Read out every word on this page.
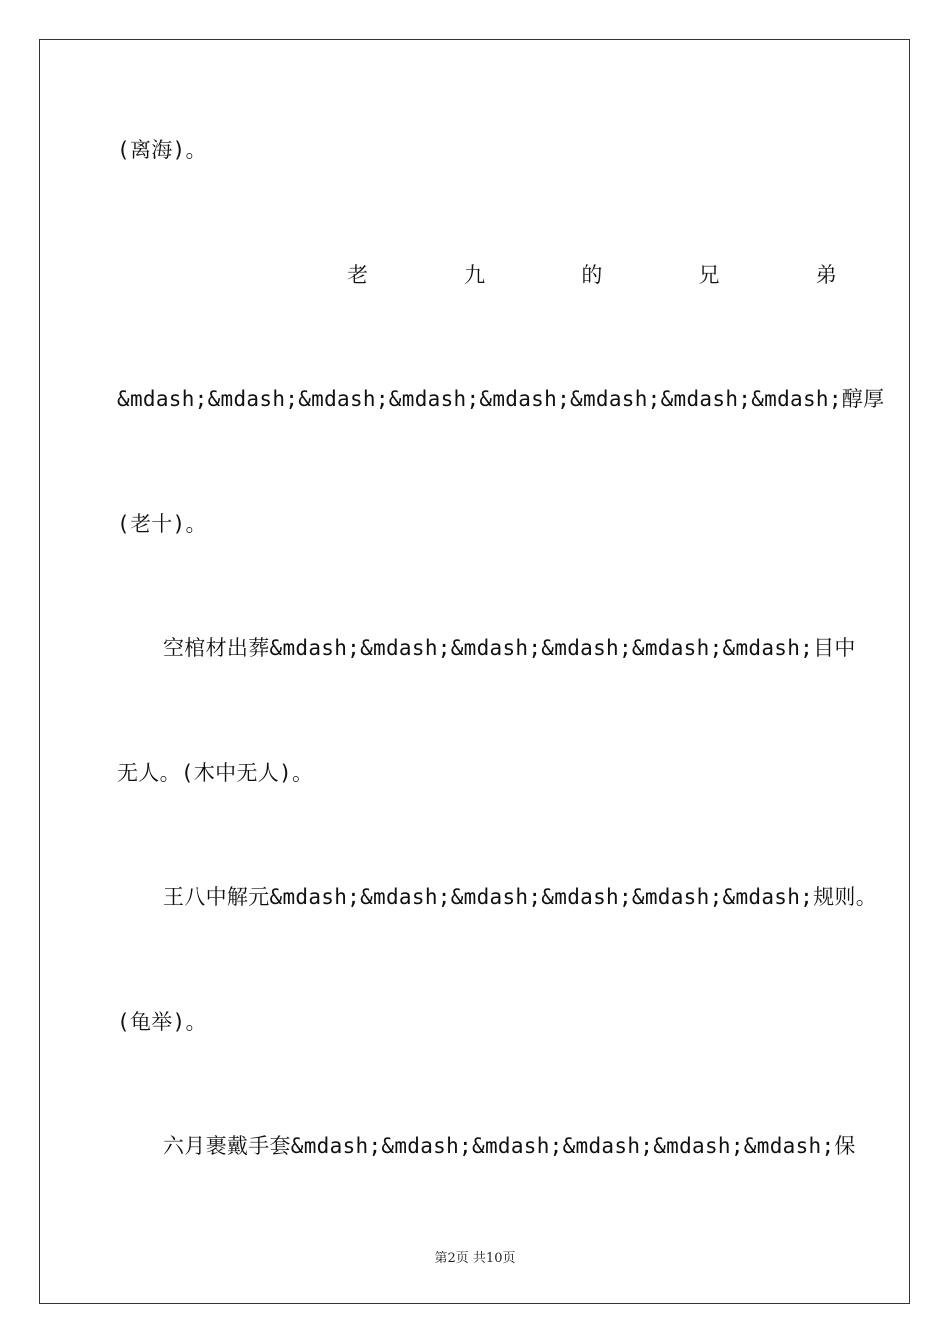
(离海)。
老	九	的	兄	弟
&mdash;&mdash;&mdash;&mdash;&mdash;&mdash;&mdash;&mdash;醇厚
(老十)。
空棺材出葬&mdash;&mdash;&mdash;&mdash;&mdash;&mdash;目中
无人。(木中无人)。
王八中解元&mdash;&mdash;&mdash;&mdash;&mdash;&mdash;规则。
(龟举)。
六月裹戴手套&mdash;&mdash;&mdash;&mdash;&mdash;&mdash;保
第2页 共10页
